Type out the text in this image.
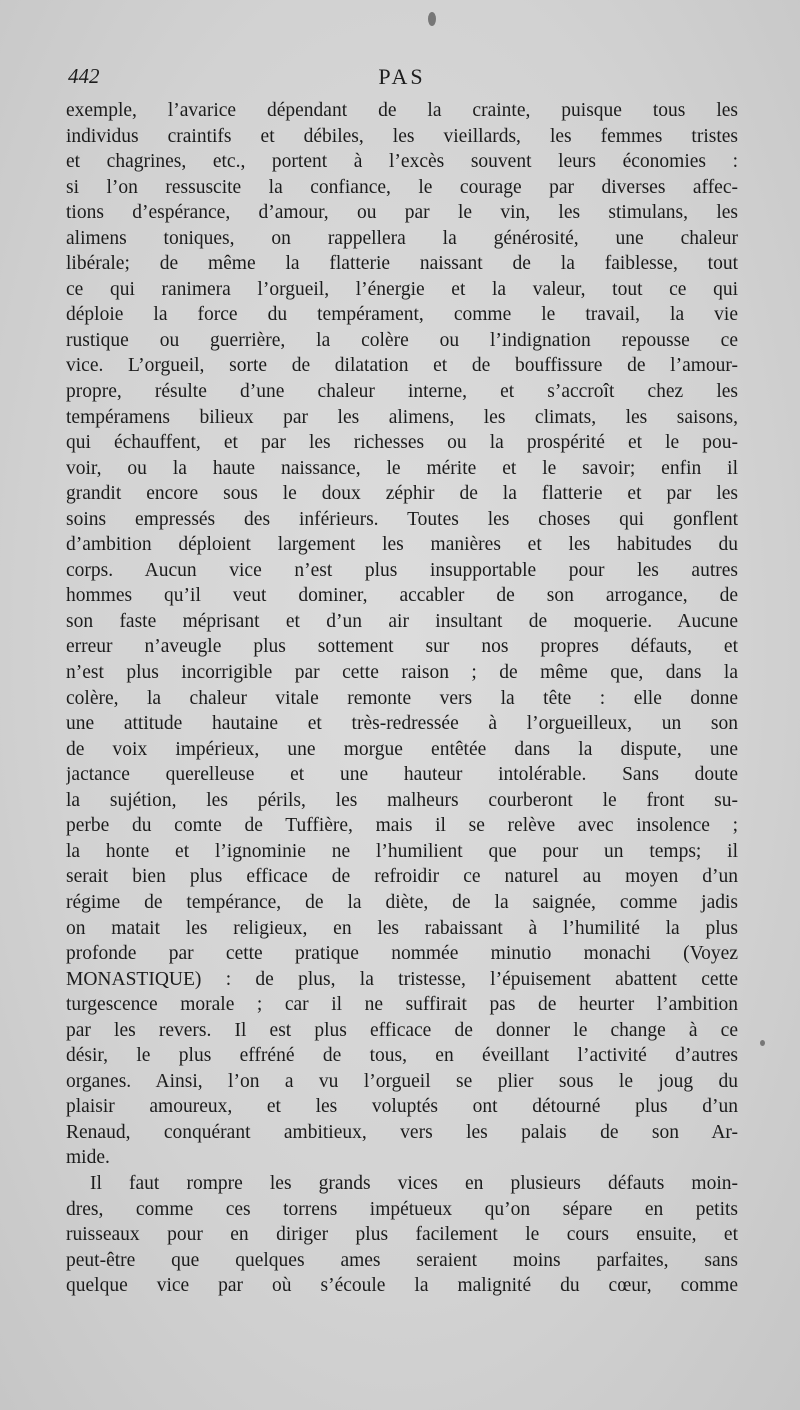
442	PAS
exemple, l’avarice dépendant de la crainte, puisque tous les
individus craintifs et débiles, les vieillards, les femmes tristes
et chagrines, etc., portent à l’excès souvent leurs économies :
si l’on ressuscite la confiance, le courage par diverses affec-
tions d’espérance, d’amour, ou par le vin, les stimulans, les
alimens toniques, on rappellera la générosité, une chaleur
libérale; de même la flatterie naissant de la faiblesse, tout
ce qui ranimera l’orgueil, l’énergie et la valeur, tout ce qui
déploie la force du tempérament, comme le travail, la vie
rustique ou guerrière, la colère ou l’indignation repousse ce
vice. L’orgueil, sorte de dilatation et de bouffissure de l’amour-
propre, résulte d’une chaleur interne, et s’accroît chez les
tempéramens bilieux par les alimens, les climats, les saisons,
qui échauffent, et par les richesses ou la prospérité et le pou-
voir, ou la haute naissance, le mérite et le savoir; enfin il
grandit encore sous le doux zéphir de la flatterie et par les
soins empressés des inférieurs. Toutes les choses qui gonflent
d’ambition déploient largement les manières et les habitudes du
corps. Aucun vice n’est plus insupportable pour les autres
hommes qu’il veut dominer, accabler de son arrogance, de
son faste méprisant et d’un air insultant de moquerie. Aucune
erreur n’aveugle plus sottement sur nos propres défauts, et
n’est plus incorrigible par cette raison ; de même que, dans la
colère, la chaleur vitale remonte vers la tête : elle donne
une attitude hautaine et très-redressée à l’orgueilleux, un son
de voix impérieux, une morgue entêtée dans la dispute, une
jactance querelleuse et une hauteur intolérable. Sans doute
la sujétion, les périls, les malheurs courberont le front su-
perbe du comte de Tuffière, mais il se relève avec insolence ;
la honte et l’ignominie ne l’humilient que pour un temps; il
serait bien plus efficace de refroidir ce naturel au moyen d’un
régime de tempérance, de la diète, de la saignée, comme jadis
on matait les religieux, en les rabaissant à l’humilité la plus
profonde par cette pratique nommée minutio monachi (Voyez
MONASTIQUE) : de plus, la tristesse, l’épuisement abattent cette
turgescence morale ; car il ne suffirait pas de heurter l’ambition
par les revers. Il est plus efficace de donner le change à ce
désir, le plus effréné de tous, en éveillant l’activité d’autres
organes. Ainsi, l’on a vu l’orgueil se plier sous le joug du
plaisir amoureux, et les voluptés ont détourné plus d’un
Renaud, conquérant ambitieux, vers les palais de son Ar-
mide.
Il faut rompre les grands vices en plusieurs défauts moin-
dres, comme ces torrens impétueux qu’on sépare en petits
ruisseaux pour en diriger plus facilement le cours ensuite, et
peut-être que quelques ames seraient moins parfaites, sans
quelque vice par où s’écoule la malignité du cœur, comme
